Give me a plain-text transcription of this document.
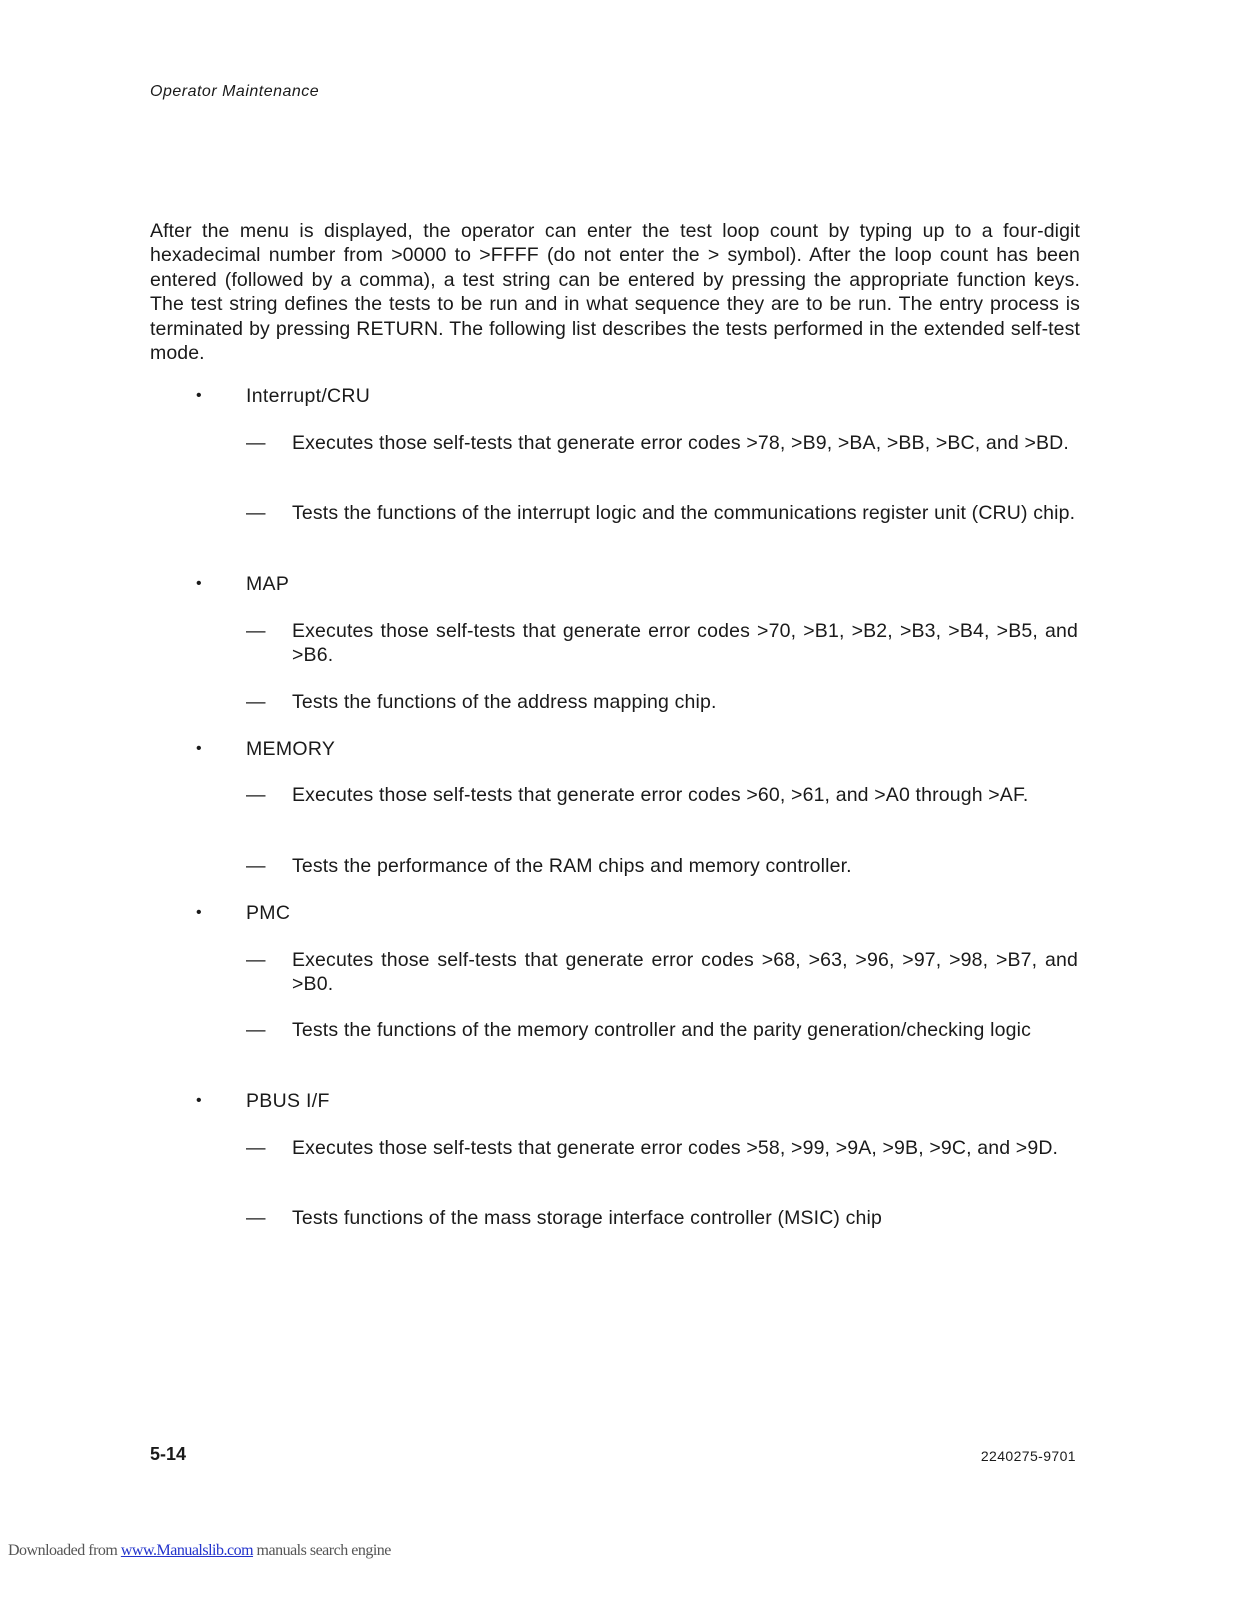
Operator Maintenance
After the menu is displayed, the operator can enter the test loop count by typing up to a four-digit hexadecimal number from >0000 to >FFFF (do not enter the > symbol). After the loop count has been entered (followed by a comma), a test string can be entered by pressing the appropriate function keys. The test string defines the tests to be run and in what sequence they are to be run. The entry process is terminated by pressing RETURN. The following list describes the tests performed in the extended self-test mode.
• Interrupt/CRU
— Executes those self-tests that generate error codes >78, >B9, >BA, >BB, >BC, and >BD.
— Tests the functions of the interrupt logic and the communications register unit (CRU) chip.
• MAP
— Executes those self-tests that generate error codes >70, >B1, >B2, >B3, >B4, >B5, and >B6.
— Tests the functions of the address mapping chip.
• MEMORY
— Executes those self-tests that generate error codes >60, >61, and >A0 through >AF.
— Tests the performance of the RAM chips and memory controller.
• PMC
— Executes those self-tests that generate error codes >68, >63, >96, >97, >98, >B7, and >B0.
— Tests the functions of the memory controller and the parity generation/checking logic
• PBUS I/F
— Executes those self-tests that generate error codes >58, >99, >9A, >9B, >9C, and >9D.
— Tests functions of the mass storage interface controller (MSIC) chip
5-14	2240275-9701
Downloaded from www.Manualslib.com manuals search engine
